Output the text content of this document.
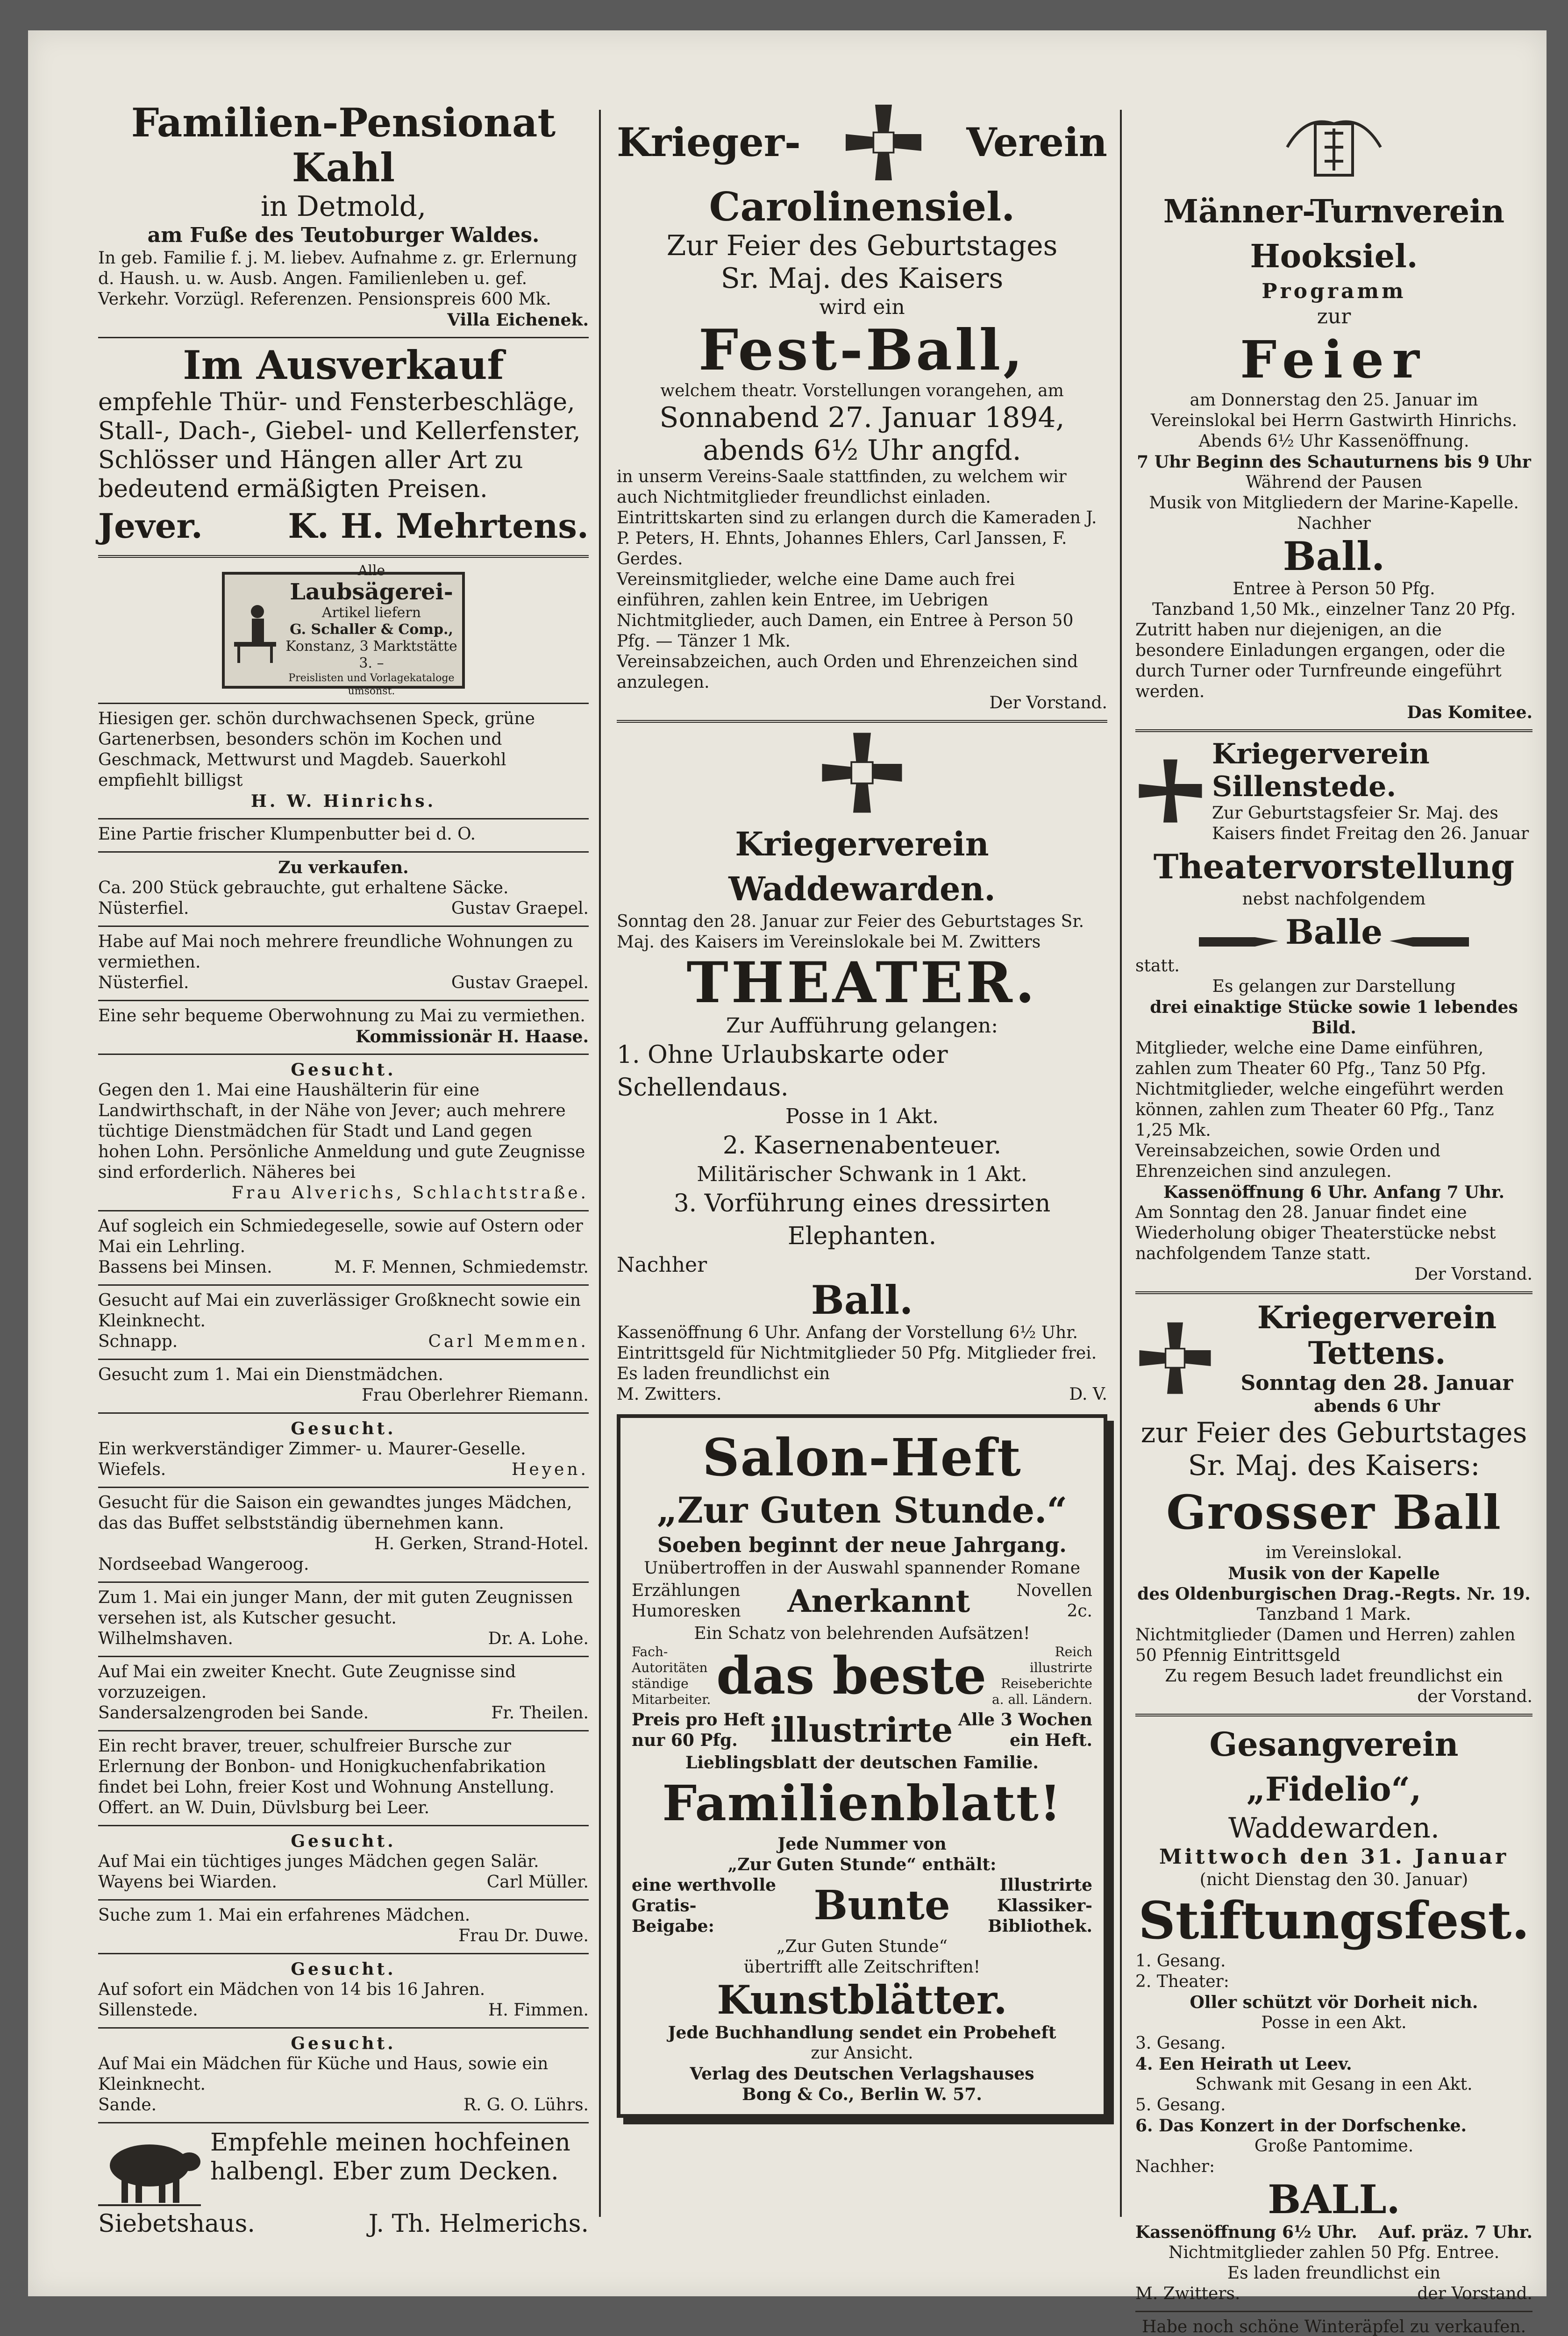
Familien-Pensionat Kahl

in Detmold,

am Fuße des Teutoburger Waldes.

In geb. Familie f. j. M. liebev. Aufnahme z. gr. Erlernung d. Haush. u. w. Ausb. Angen. Familienleben u. gef. Verkehr. Vorzügl. Referenzen. Pensionspreis 600 Mk.

Villa Eichenek.

Im Ausverkauf

empfehle Thür- und Fensterbeschläge, Stall-, Dach-, Giebel- und Kellerfenster, Schlösser und Hängen aller Art zu bedeutend ermäßigten Preisen.

Jever.	K. H. Mehrtens.

Alle

Laubsägerei-

Artikel liefern

G. Schaller & Comp.,

Konstanz, 3 Marktstätte 3. –

Preislisten und Vorlagekataloge umsonst.

Hiesigen ger. schön durchwachsenen Speck, grüne Gartenerbsen, besonders schön im Kochen und Geschmack, Mettwurst und Magdeb. Sauerkohl empfiehlt billigst

H. W. Hinrichs.

Eine Partie frischer Klumpenbutter bei d. O.

Zu verkaufen.

Ca. 200 Stück gebrauchte, gut erhaltene Säcke.

Nüsterfiel.	Gustav Graepel.

Habe auf Mai noch mehrere freundliche Wohnungen zu vermiethen.

Nüsterfiel.	Gustav Graepel.

Eine sehr bequeme Oberwohnung zu Mai zu vermiethen.

Kommissionär H. Haase.

Gesucht.

Gegen den 1. Mai eine Haushälterin für eine Landwirthschaft, in der Nähe von Jever; auch mehrere tüchtige Dienstmädchen für Stadt und Land gegen hohen Lohn. Persönliche Anmeldung und gute Zeugnisse sind erforderlich. Näheres bei

Frau Alverichs, Schlachtstraße.

Auf sogleich ein Schmiedegeselle, sowie auf Ostern oder Mai ein Lehrling.

Bassens bei Minsen.	M. F. Mennen, Schmiedemstr.

Gesucht auf Mai ein zuverlässiger Großknecht sowie ein Kleinknecht.

Schnapp.	Carl Memmen.

Gesucht zum 1. Mai ein Dienstmädchen.

Frau Oberlehrer Riemann.

Gesucht.

Ein werkverständiger Zimmer- u. Maurer-Geselle.

Wiefels.	Heyen.

Gesucht für die Saison ein gewandtes junges Mädchen, das das Buffet selbstständig übernehmen kann.

H. Gerken, Strand-Hotel.

Nordseebad Wangeroog.

Zum 1. Mai ein junger Mann, der mit guten Zeugnissen versehen ist, als Kutscher gesucht.

Wilhelmshaven.	Dr. A. Lohe.

Auf Mai ein zweiter Knecht. Gute Zeugnisse sind vorzuzeigen.

Sandersalzengroden bei Sande.	Fr. Theilen.

Ein recht braver, treuer, schulfreier Bursche zur Erlernung der Bonbon- und Honigkuchenfabrikation findet bei Lohn, freier Kost und Wohnung Anstellung. Offert. an W. Duin, Düvlsburg bei Leer.

Gesucht.

Auf Mai ein tüchtiges junges Mädchen gegen Salär.

Wayens bei Wiarden.	Carl Müller.

Suche zum 1. Mai ein erfahrenes Mädchen.

Frau Dr. Duwe.

Gesucht.

Auf sofort ein Mädchen von 14 bis 16 Jahren.

Sillenstede.	H. Fimmen.

Gesucht.

Auf Mai ein Mädchen für Küche und Haus, sowie ein Kleinknecht.

Sande.	R. G. O. Lührs.

Empfehle meinen hochfeinen halbengl. Eber zum Decken.

Siebetshaus.	J. Th. Helmerichs.
Krieger-	Verein

Carolinensiel.

Zur Feier des Geburtstages

Sr. Maj. des Kaisers

wird ein

Fest-Ball,

welchem theatr. Vorstellungen vorangehen, am

Sonnabend 27. Januar 1894,

abends 6½ Uhr angfd.

in unserm Vereins-Saale stattfinden, zu welchem wir auch Nichtmitglieder freundlichst einladen.

Eintrittskarten sind zu erlangen durch die Kameraden J. P. Peters, H. Ehnts, Johannes Ehlers, Carl Janssen, F. Gerdes.

Vereinsmitglieder, welche eine Dame auch frei einführen, zahlen kein Entree, im Uebrigen Nichtmitglieder, auch Damen, ein Entree à Person 50 Pfg. — Tänzer 1 Mk.

Vereinsabzeichen, auch Orden und Ehrenzeichen sind anzulegen.

Der Vorstand.

Kriegerverein Waddewarden.

Sonntag den 28. Januar zur Feier des Geburtstages Sr. Maj. des Kaisers im Vereinslokale bei M. Zwitters

THEATER.

Zur Aufführung gelangen:

1. Ohne Urlaubskarte oder Schellendaus.

Posse in 1 Akt.

2. Kasernenabenteuer.

Militärischer Schwank in 1 Akt.

3. Vorführung eines dressirten Elephanten.

Nachher

Ball.

Kassenöffnung 6 Uhr. Anfang der Vorstellung 6½ Uhr. Eintrittsgeld für Nichtmitglieder 50 Pfg. Mitglieder frei.

Es laden freundlichst ein

M. Zwitters.	D. V.

Salon-Heft

„Zur Guten Stunde.“

Soeben beginnt der neue Jahrgang.

Unübertroffen in der Auswahl spannender Romane

Erzählungen

Humoresken Anerkannt	Novellen

2c.

Ein Schatz von belehrenden Aufsätzen!

Fach-

Autoritäten

ständige

Mitarbeiter. das beste	Reich

illustrirte

Reiseberichte

a. all. Ländern.

Preis pro Heft

nur 60 Pfg. illustrirte Alle 3 Wochen

ein Heft.

Lieblingsblatt der deutschen Familie.

Familienblatt!

Jede Nummer von

„Zur Guten Stunde“ enthält:

eine werthvolle

Gratis-

Beigabe:	Bunte	Illustrirte

Klassiker-

Bibliothek.

„Zur Guten Stunde“

übertrifft alle Zeitschriften!

Kunstblätter.

Jede Buchhandlung sendet ein Probeheft

zur Ansicht.

Verlag des Deutschen Verlagshauses

Bong & Co., Berlin W. 57.

Männer-Turnverein Hooksiel.

Programm

zur

Feier

am Donnerstag den 25. Januar im Vereinslokal bei Herrn Gastwirth Hinrichs.

Abends 6½ Uhr Kassenöffnung.

7 Uhr Beginn des Schauturnens bis 9 Uhr

Während der Pausen

Musik von Mitgliedern der Marine-Kapelle.

Nachher

Ball.

Entree à Person 50 Pfg.

Tanzband 1,50 Mk., einzelner Tanz 20 Pfg.

Zutritt haben nur diejenigen, an die besondere Einladungen ergangen, oder die durch Turner oder Turnfreunde eingeführt werden.

Das Komitee.

Kriegerverein Sillenstede.

Zur Geburtstagsfeier Sr. Maj. des Kaisers findet Freitag den 26. Januar

Theatervorstellung

nebst nachfolgendem

Balle

statt.

Es gelangen zur Darstellung

drei einaktige Stücke sowie 1 lebendes Bild.

Mitglieder, welche eine Dame einführen, zahlen zum Theater 60 Pfg., Tanz 50 Pfg.

Nichtmitglieder, welche eingeführt werden können, zahlen zum Theater 60 Pfg., Tanz 1,25 Mk.

Vereinsabzeichen, sowie Orden und Ehrenzeichen sind anzulegen.

Kassenöffnung 6 Uhr. Anfang 7 Uhr.

Am Sonntag den 28. Januar findet eine Wiederholung obiger Theaterstücke nebst nachfolgendem Tanze statt.

Der Vorstand.

Kriegerverein Tettens.

Sonntag den 28. Januar

abends 6 Uhr

zur Feier des Geburtstages

Sr. Maj. des Kaisers:

Grosser Ball

im Vereinslokal.

Musik von der Kapelle

des Oldenburgischen Drag.-Regts. Nr. 19.

Tanzband 1 Mark.

Nichtmitglieder (Damen und Herren) zahlen 50 Pfennig Eintrittsgeld

Zu regem Besuch ladet freundlichst ein

der Vorstand.

Gesangverein „Fidelio“,

Waddewarden.

Mittwoch den 31. Januar

(nicht Dienstag den 30. Januar)

Stiftungsfest.

1. Gesang.

2. Theater:

Oller schützt vör Dorheit nich.

Posse in een Akt.

3. Gesang.

4. Een Heirath ut Leev.

Schwank mit Gesang in een Akt.

5. Gesang.

6. Das Konzert in der Dorfschenke.

Große Pantomime.

Nachher:

BALL.

Kassenöffnung 6½ Uhr. Auf. präz. 7 Uhr.

Nichtmitglieder zahlen 50 Pfg. Entree.

Es laden freundlichst ein

M. Zwitters.	der Vorstand.

Habe noch schöne Winteräpfel zu verkaufen.
